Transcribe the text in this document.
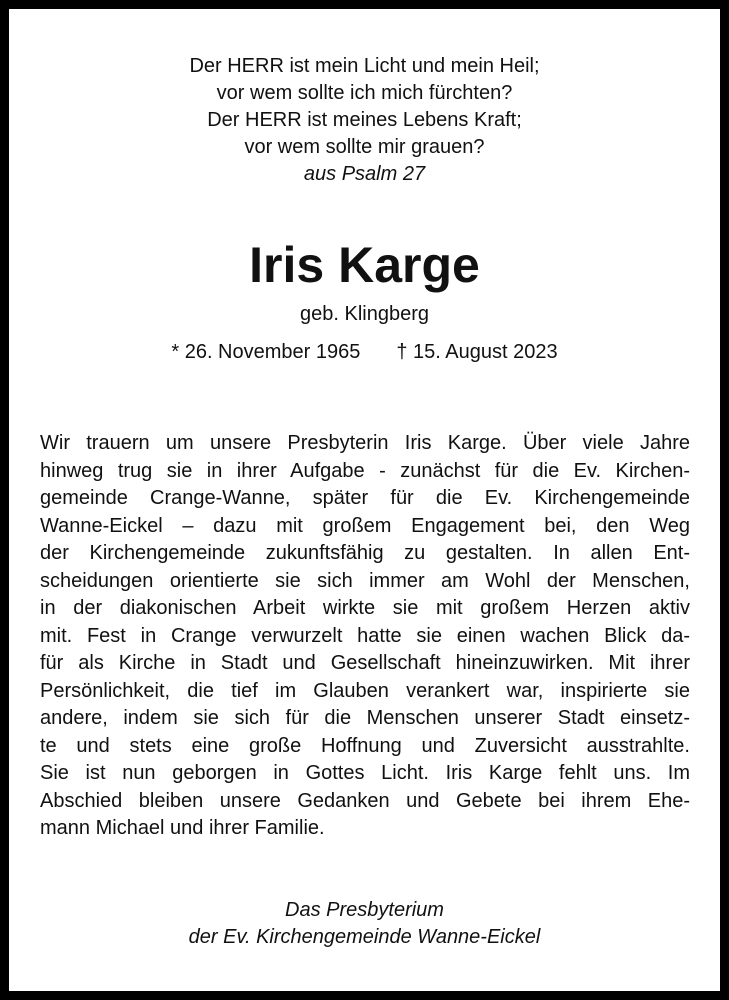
Der HERR ist mein Licht und mein Heil;
vor wem sollte ich mich fürchten?
Der HERR ist meines Lebens Kraft;
vor wem sollte mir grauen?
aus Psalm 27
Iris Karge
geb. Klingberg
* 26. November 1965 † 15. August 2023
Wir trauern um unsere Presbyterin Iris Karge. Über viele Jahre
hinweg trug sie in ihrer Aufgabe - zunächst für die Ev. Kirchen-
gemeinde Crange-Wanne, später für die Ev. Kirchengemeinde
Wanne-Eickel – dazu mit großem Engagement bei, den Weg
der Kirchengemeinde zukunftsfähig zu gestalten. In allen Ent-
scheidungen orientierte sie sich immer am Wohl der Menschen,
in der diakonischen Arbeit wirkte sie mit großem Herzen aktiv
mit. Fest in Crange verwurzelt hatte sie einen wachen Blick da-
für als Kirche in Stadt und Gesellschaft hineinzuwirken. Mit ihrer
Persönlichkeit, die tief im Glauben verankert war, inspirierte sie
andere, indem sie sich für die Menschen unserer Stadt einsetz-
te und stets eine große Hoffnung und Zuversicht ausstrahlte.
Sie ist nun geborgen in Gottes Licht. Iris Karge fehlt uns. Im
Abschied bleiben unsere Gedanken und Gebete bei ihrem Ehe-
mann Michael und ihrer Familie.
Das Presbyterium
der Ev. Kirchengemeinde Wanne-Eickel
